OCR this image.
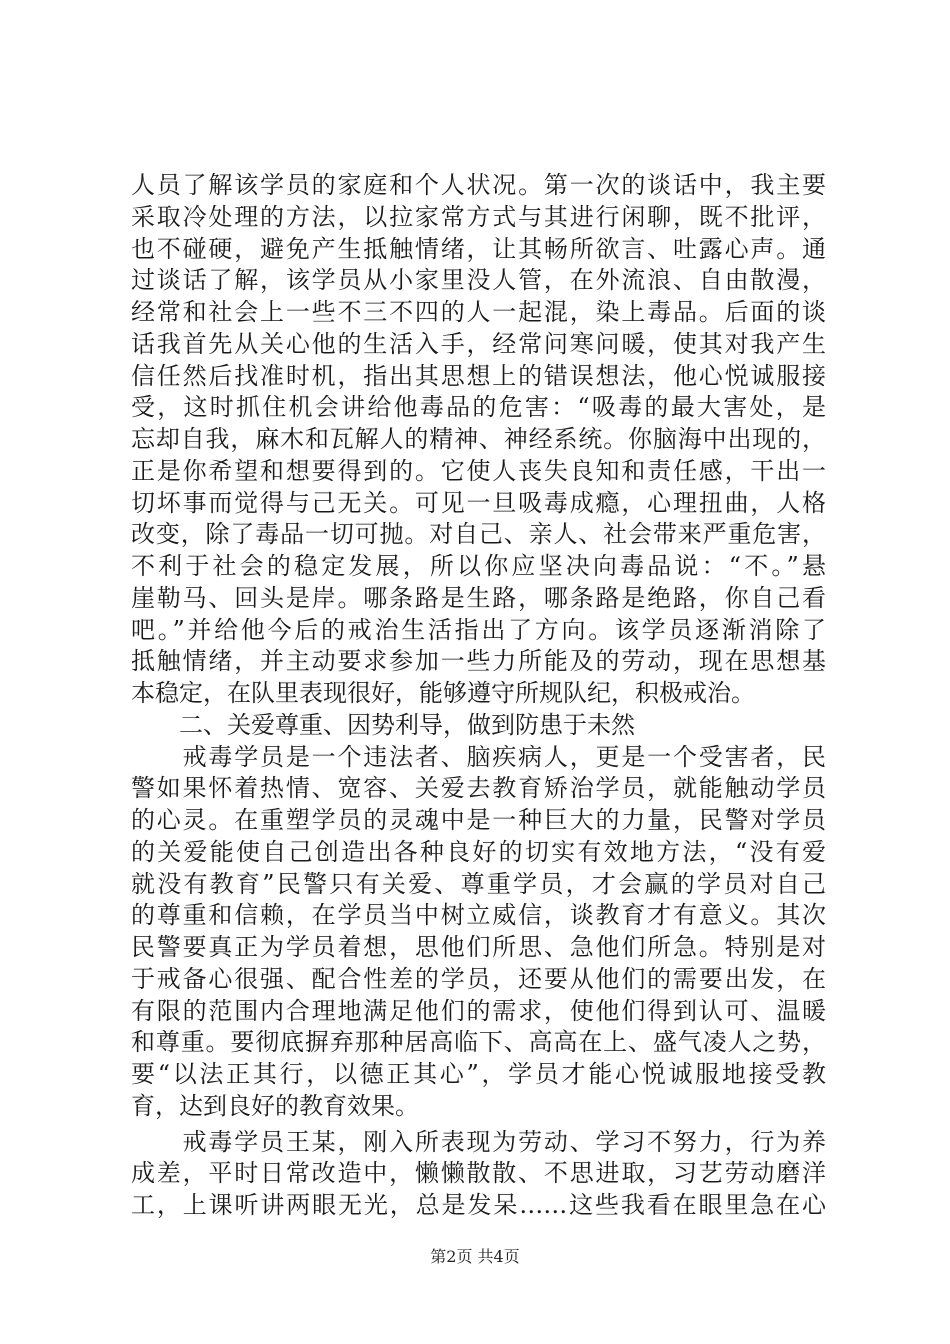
人员了解该学员的家庭和个人状况。第一次的谈话中，我主要
采取冷处理的方法，以拉家常方式与其进行闲聊，既不批评，
也不碰硬，避免产生抵触情绪，让其畅所欲言、吐露心声。通
过谈话了解，该学员从小家里没人管，在外流浪、自由散漫，
经常和社会上一些不三不四的人一起混，染上毒品。后面的谈
话我首先从关心他的生活入手，经常问寒问暖，使其对我产生
信任然后找准时机，指出其思想上的错误想法，他心悦诚服接
受，这时抓住机会讲给他毒品的危害：“吸毒的最大害处，是
忘却自我，麻木和瓦解人的精神、神经系统。你脑海中出现的，
正是你希望和想要得到的。它使人丧失良知和责任感，干出一
切坏事而觉得与己无关。可见一旦吸毒成瘾，心理扭曲，人格
改变，除了毒品一切可抛。对自己、亲人、社会带来严重危害，
不利于社会的稳定发展，所以你应坚决向毒品说：“不。”悬
崖勒马、回头是岸。哪条路是生路，哪条路是绝路，你自己看
吧。”并给他今后的戒治生活指出了方向。该学员逐渐消除了
抵触情绪，并主动要求参加一些力所能及的劳动，现在思想基
本稳定，在队里表现很好，能够遵守所规队纪，积极戒治。
　　二、关爱尊重、因势利导，做到防患于未然
　　戒毒学员是一个违法者、脑疾病人，更是一个受害者，民
警如果怀着热情、宽容、关爱去教育矫治学员，就能触动学员
的心灵。在重塑学员的灵魂中是一种巨大的力量，民警对学员
的关爱能使自己创造出各种良好的切实有效地方法，“没有爱
就没有教育”民警只有关爱、尊重学员，才会赢的学员对自己
的尊重和信赖，在学员当中树立威信，谈教育才有意义。其次
民警要真正为学员着想，思他们所思、急他们所急。特别是对
于戒备心很强、配合性差的学员，还要从他们的需要出发，在
有限的范围内合理地满足他们的需求，使他们得到认可、温暖
和尊重。要彻底摒弃那种居高临下、高高在上、盛气凌人之势，
要“以法正其行，以德正其心”，学员才能心悦诚服地接受教
育，达到良好的教育效果。
　　戒毒学员王某，刚入所表现为劳动、学习不努力，行为养
成差，平时日常改造中，懒懒散散、不思进取，习艺劳动磨洋
工，上课听讲两眼无光，总是发呆……这些我看在眼里急在心
第2页 共4页
